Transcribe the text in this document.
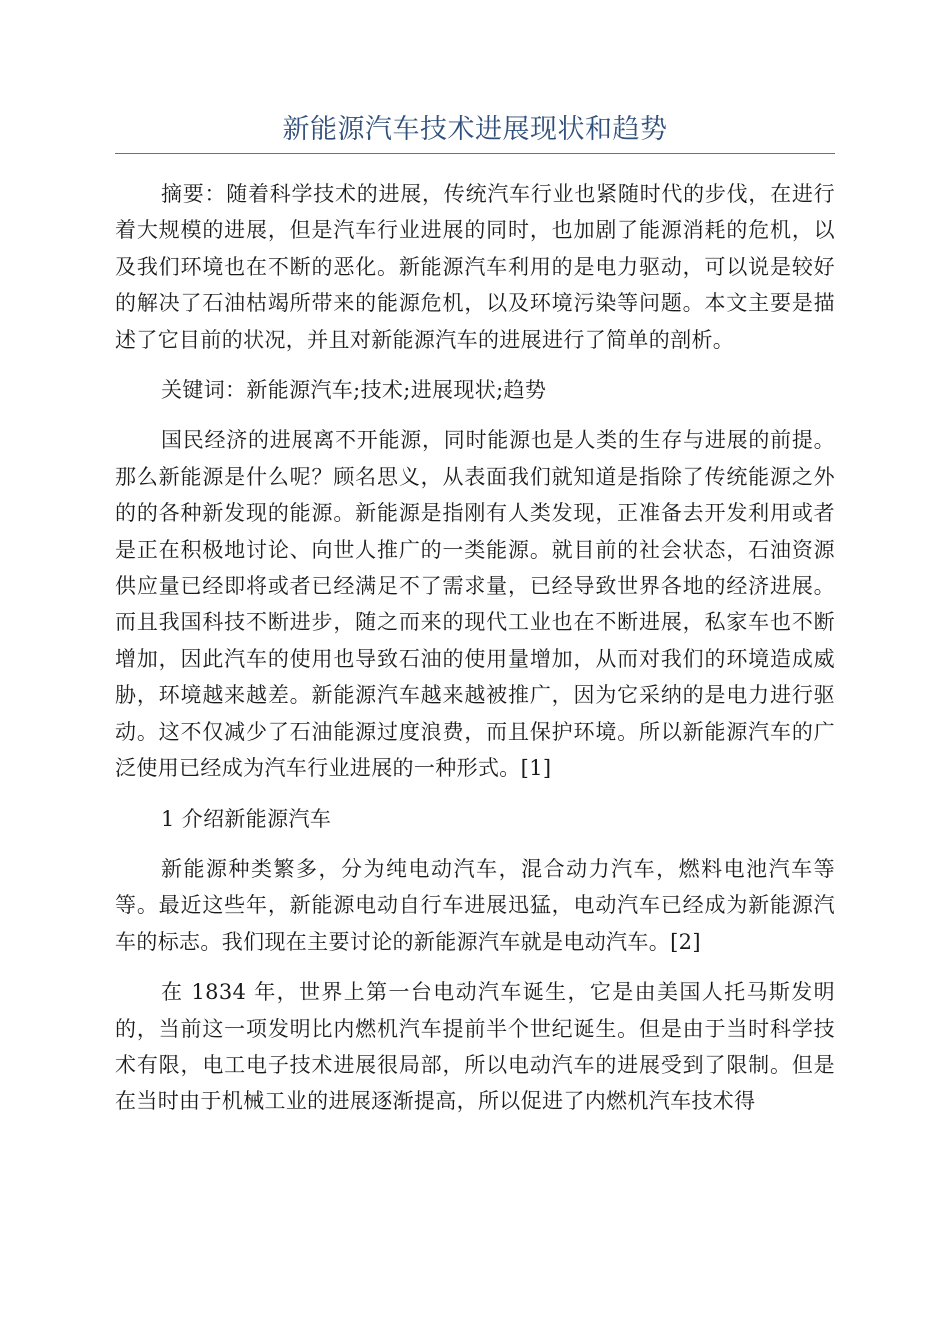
新能源汽车技术进展现状和趋势

摘要：随着科学技术的进展，传统汽车行业也紧随时代的步伐，在进行着大规模的进展，但是汽车行业进展的同时，也加剧了能源消耗的危机，以及我们环境也在不断的恶化。新能源汽车利用的是电力驱动，可以说是较好的解决了石油枯竭所带来的能源危机，以及环境污染等问题。本文主要是描述了它目前的状况，并且对新能源汽车的进展进行了简单的剖析。

关键词：新能源汽车;技术;进展现状;趋势

国民经济的进展离不开能源，同时能源也是人类的生存与进展的前提。那么新能源是什么呢？顾名思义，从表面我们就知道是指除了传统能源之外的的各种新发现的能源。新能源是指刚有人类发现，正准备去开发利用或者是正在积极地讨论、向世人推广的一类能源。就目前的社会状态，石油资源供应量已经即将或者已经满足不了需求量，已经导致世界各地的经济进展。而且我国科技不断进步，随之而来的现代工业也在不断进展，私家车也不断增加，因此汽车的使用也导致石油的使用量增加，从而对我们的环境造成威胁，环境越来越差。新能源汽车越来越被推广，因为它采纳的是电力进行驱动。这不仅减少了石油能源过度浪费，而且保护环境。所以新能源汽车的广泛使用已经成为汽车行业进展的一种形式。[1]

1 介绍新能源汽车

新能源种类繁多，分为纯电动汽车，混合动力汽车，燃料电池汽车等等。最近这些年，新能源电动自行车进展迅猛，电动汽车已经成为新能源汽车的标志。我们现在主要讨论的新能源汽车就是电动汽车。[2]

在 1834 年，世界上第一台电动汽车诞生，它是由美国人托马斯发明的，当前这一项发明比内燃机汽车提前半个世纪诞生。但是由于当时科学技术有限，电工电子技术进展很局部，所以电动汽车的进展受到了限制。但是在当时由于机械工业的进展逐渐提高，所以促进了内燃机汽车技术得
